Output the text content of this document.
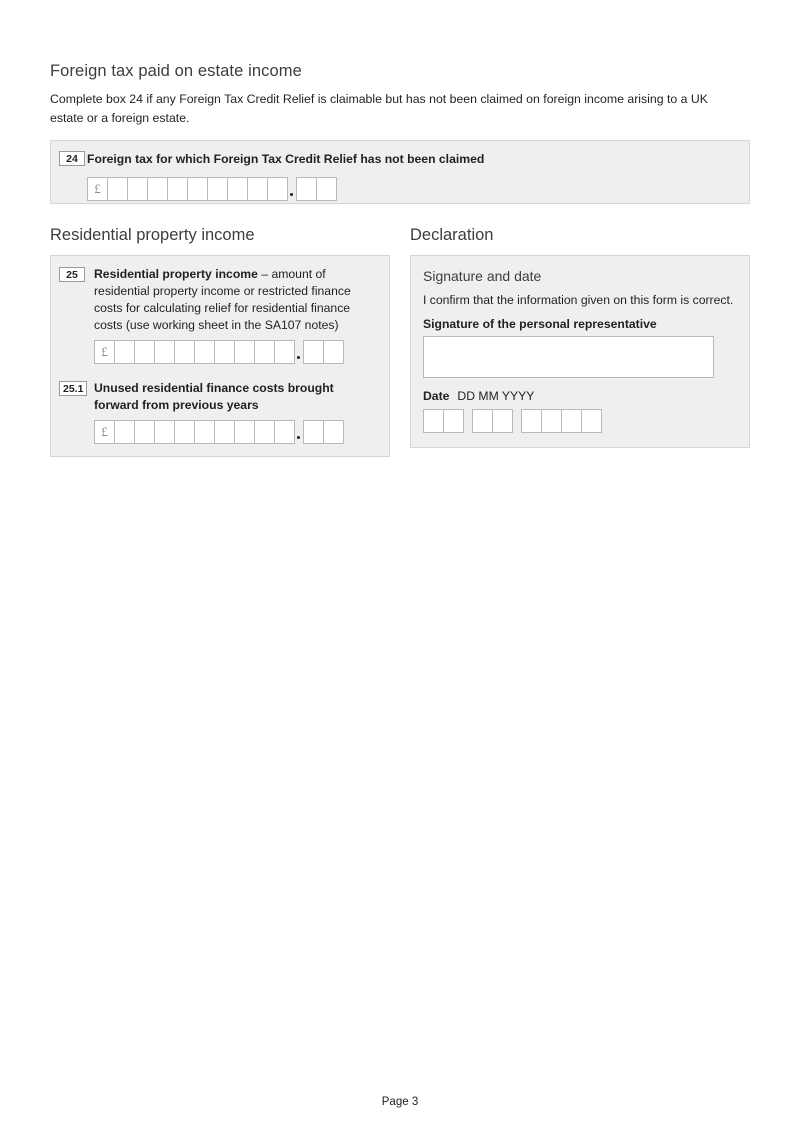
Foreign tax paid on estate income

Complete box 24 if any Foreign Tax Credit Relief is claimable but has not been claimed on foreign income arising to a UK estate or a foreign estate.

24 Foreign tax for which Foreign Tax Credit Relief has not been claimed
£
Residential property income
25	Residential property income – amount of residential property income or restricted finance costs for calculating relief for residential finance costs (use working sheet in the SA107 notes)
£
25.1 Unused residential finance costs brought forward from previous years
£
Declaration
Signature and date

I confirm that the information given on this form is correct.

Signature of the personal representative
Date DD MM YYYY
Page 3
